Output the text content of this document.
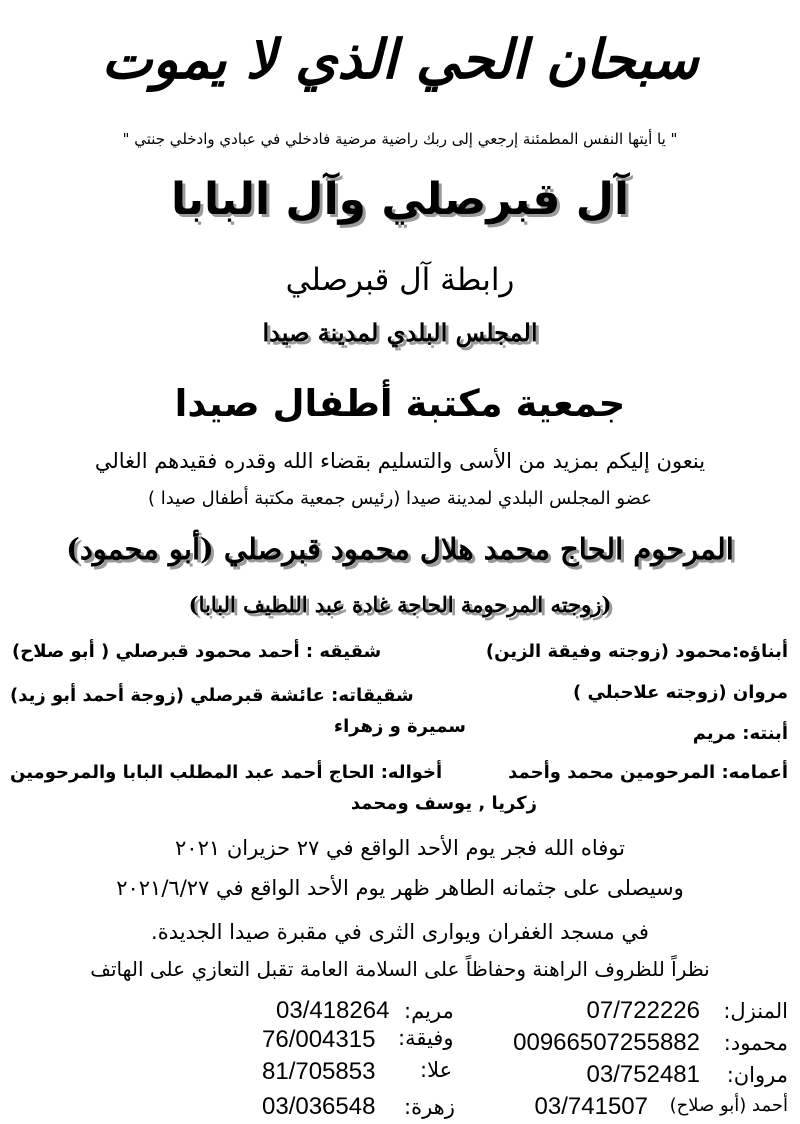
سبحان الحي الذي لا يموت
" يا أيتها النفس المطمئنة إرجعي إلى ربك راضية مرضية فادخلي في عبادي وادخلي جنتي "
آل قبرصلي وآل البابا
رابطة آل قبرصلي
المجلس البلدي لمدينة صيدا
جمعية مكتبة أطفال صيدا
ينعون إليكم بمزيد من الأسى والتسليم بقضاء الله وقدره فقيدهم الغالي
عضو المجلس البلدي لمدينة صيدا (رئيس جمعية مكتبة أطفال صيدا )
المرحوم الحاج محمد هلال محمود قبرصلي (أبو محمود)
(زوجته المرحومة الحاجة غادة عبد اللطيف البابا)
أبناؤه:محمود (زوجته وفيقة الزين)
شقيقه : أحمد محمود قبرصلي ( أبو صلاح)
مروان (زوجته علاحبلي )
شقيقاته: عائشة قبرصلي (زوجة أحمد أبو زيد)
سميرة و زهراء	أبنته: مريم
أعمامه: المرحومين محمد وأحمد
أخواله: الحاج أحمد عبد المطلب البابا والمرحومين
زكريا , يوسف ومحمد
توفاه الله فجر يوم الأحد الواقع في ٢٧ حزيران ٢٠٢١
وسيصلى على جثمانه الطاهر ظهر يوم الأحد الواقع في ٢٠٢١/٦/٢٧
في مسجد الغفران ويوارى الثرى في مقبرة صيدا الجديدة.
نظراً للظروف الراهنة وحفاظاً على السلامة العامة تقبل التعازي على الهاتف
المنزل:
07/722226
محمود:
00966507255882
مروان:
03/752481
أحمد (أبو صلاح)
03/741507
مريم:
03/418264
وفيقة:
76/004315
علا:
81/705853
زهرة:
03/036548
